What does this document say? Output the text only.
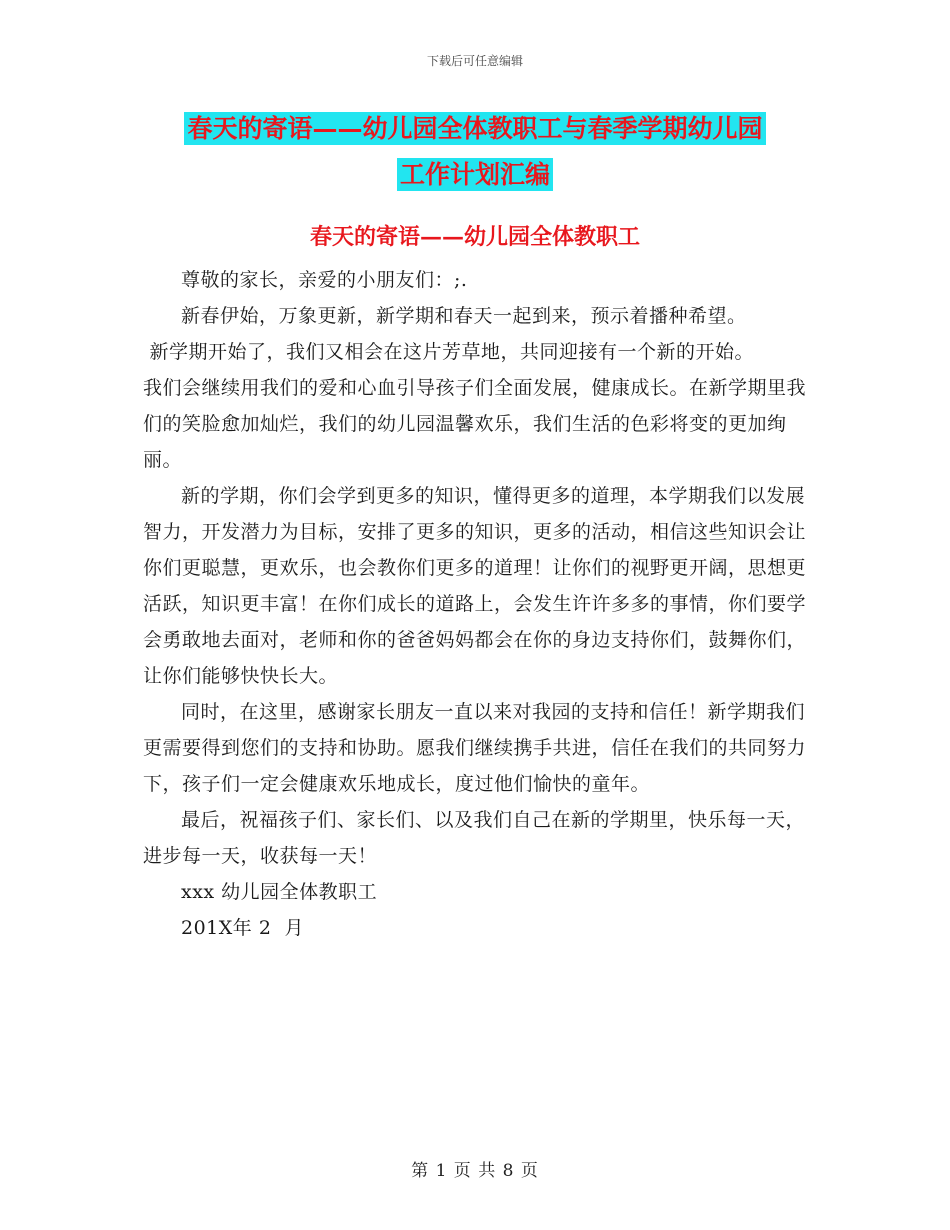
下载后可任意编辑
春天的寄语——幼儿园全体教职工与春季学期幼儿园
工作计划汇编
春天的寄语——幼儿园全体教职工

尊敬的家长，亲爱的小朋友们：;.

新春伊始，万象更新，新学期和春天一起到来，预示着播种希望。

新学期开始了，我们又相会在这片芳草地，共同迎接有一个新的开始。

我们会继续用我们的爱和心血引导孩子们全面发展，健康成长。在新学期里我们的笑脸愈加灿烂，我们的幼儿园温馨欢乐，我们生活的色彩将变的更加绚丽。

新的学期，你们会学到更多的知识，懂得更多的道理，本学期我们以发展智力，开发潜力为目标，安排了更多的知识，更多的活动，相信这些知识会让你们更聪慧，更欢乐，也会教你们更多的道理！让你们的视野更开阔，思想更活跃，知识更丰富！在你们成长的道路上，会发生许许多多的事情，你们要学会勇敢地去面对，老师和你的爸爸妈妈都会在你的身边支持你们，鼓舞你们，让你们能够快快长大。

同时，在这里，感谢家长朋友一直以来对我园的支持和信任！新学期我们更需要得到您们的支持和协助。愿我们继续携手共进，信任在我们的共同努力下，孩子们一定会健康欢乐地成长，度过他们愉快的童年。

最后，祝福孩子们、家长们、以及我们自己在新的学期里，快乐每一天，进步每一天，收获每一天！

xxx 幼儿园全体教职工

201X年 2  月

第 1 页 共 8 页
